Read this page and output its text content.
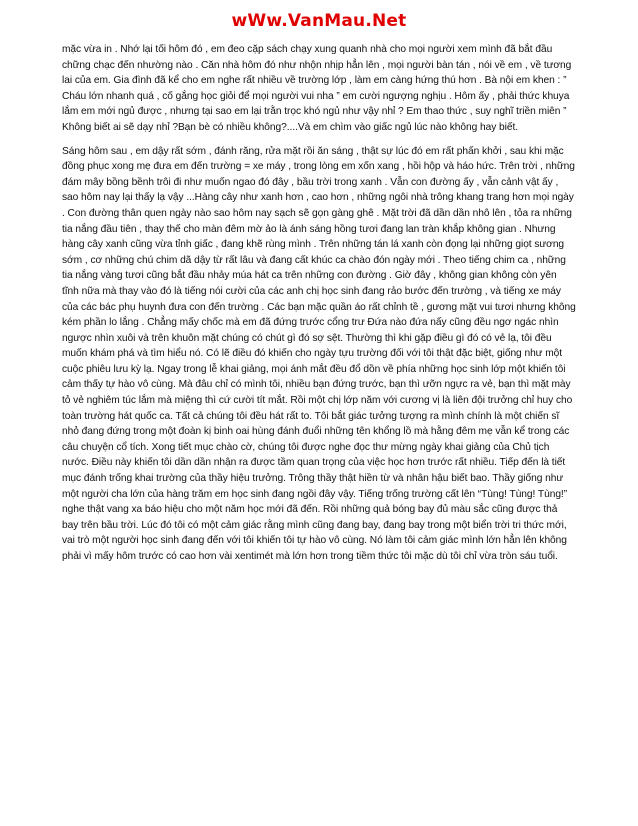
wWw.VanMau.Net

mặc vừa in . Nhớ lại tối hôm đó , em đeo cặp sách chạy xung quanh nhà cho mọi người xem mình đã bắt đầu chững chạc đến nhường nào . Căn nhà hôm đó như nhộn nhịp hẳn lên , mọi người bàn tán , nói về em , về tương lai của em. Gia đình đã kể cho em nghe rất nhiều về trường lớp , làm em càng hứng thú hơn . Bà nội em khen : ” Cháu lớn nhanh quá , cố gắng học giỏi để mọi người vui nha ” em cười ngượng nghịu . Hôm ấy , phải thức khuya lắm em mới ngủ được , nhưng tại sao em lại trằn trọc khó ngủ như vậy nhỉ ? Em thao thức , suy nghĩ triền miên ” Không biết ai sẽ dạy nhỉ ?Bạn bè có nhiều không?....Và em chìm vào giấc ngủ lúc nào không hay biết.

Sáng hôm sau , em dậy rất sớm , đánh răng, rửa mặt rồi ăn sáng , thật sự lúc đó em rất phấn khởi , sau khi mặc đồng phục xong mẹ đưa em đến trường = xe máy , trong lòng em xốn xang , hồi hộp và háo hức. Trên trời , những đám mây bồng bềnh trôi đi như muốn ngao đó đây , bầu trời trong xanh . Vẫn con đường ấy , vẫn cảnh vật ấy , sao hôm nay lại thấy lạ vậy ...Hàng cây như xanh hơn , cao hơn , những ngôi nhà trông khang trang hơn mọi ngày . Con đường thân quen ngày nào sao hôm nay sạch sẽ gọn gàng ghê . Mặt trời đã dần dần nhô lên , tỏa ra những tia nắng đầu tiên , thay thế cho màn đêm mờ ảo là ánh sáng hồng tươi đang lan tràn khắp không gian . Nhưng hàng cây xanh cũng vừa tỉnh giấc , đang khẽ rùng mình . Trên những tán lá xanh còn đọng lại những giọt sương sớm , cơ những chú chim dã dậy từ rất lâu và đang cất khúc ca chào đón ngày mới . Theo tiếng chim ca , những tia nắng vàng tươi cũng bắt đầu nhảy múa hát ca trên những con đường . Giờ đây , không gian không còn yên tĩnh nữa mà thay vào đó là tiếng nói cười của các anh chị học sinh đang rảo bước đến trường , và tiếng xe máy của các bác phụ huynh đưa con đến trường . Các bạn mặc quần áo rất chỉnh tề , gương mặt vui tươi nhưng không kém phần lo lắng . Chẳng mấy chốc mà em đã đứng trước cổng trư Đứa nào đứa nấy cũng đều ngơ ngác nhìn ngược nhìn xuôi và trên khuôn mặt chúng có chút gì đó sợ sệt. Thường thì khi gặp điều gì đó có vẻ lạ, tôi đều muốn khám phá và tìm hiểu nó. Có lẽ điều đó khiến cho ngày tựu trường đối với tôi thật đặc biệt, giống như một cuộc phiêu lưu kỳ lạ. Ngay trong lễ khai giảng, mọi ánh mắt đều đổ dồn về phía những học sinh lớp một khiến tôi cảm thấy tự hào vô cùng. Mà đâu chỉ có mình tôi, nhiều bạn đứng trước, bạn thì ưỡn ngực ra vẻ, bạn thì mặt mày tỏ vẻ nghiêm túc lắm mà miệng thì cứ cười tít mắt. Rồi một chị lớp năm với cương vị là liên đội trưởng chỉ huy cho toàn trường hát quốc ca. Tất cả chúng tôi đều hát rất to. Tôi bắt giác tưởng tượng ra mình chính là một chiến sĩ nhỏ đang đứng trong một đoàn kị binh oai hùng đánh đuổi những tên khổng lồ mà hằng đêm mẹ vẫn kể trong các câu chuyện cổ tích. Xong tiết mục chào cờ, chúng tôi được nghe đọc thư mừng ngày khai giảng của Chủ tịch nước. Điều này khiến tôi dần dần nhận ra được tầm quan trọng của việc học hơn trước rất nhiều. Tiếp đến là tiết mục đánh trống khai trường của thầy hiệu trưởng. Trông thầy thật hiền từ và nhân hậu biết bao. Thầy giống như một người cha lớn của hàng trăm em học sinh đang ngồi đây vậy. Tiếng trống trường cất lên “Tùng! Tùng! Tùng!” nghe thật vang xa báo hiệu cho một năm học mới đã đến. Rồi những quả bóng bay đủ màu sắc cũng được thả bay trên bầu trời. Lúc đó tôi có một cảm giác rằng mình cũng đang bay, đang bay trong một biển trời tri thức mới, vai trò một người học sinh đang đến với tôi khiến tôi tự hào vô cùng. Nó làm tôi cảm giác mình lớn hẳn lên không phải vì mấy hôm trước có cao hơn vài xentimét mà lớn hơn trong tiềm thức tôi mặc dù tôi chỉ vừa tròn sáu tuổi.
